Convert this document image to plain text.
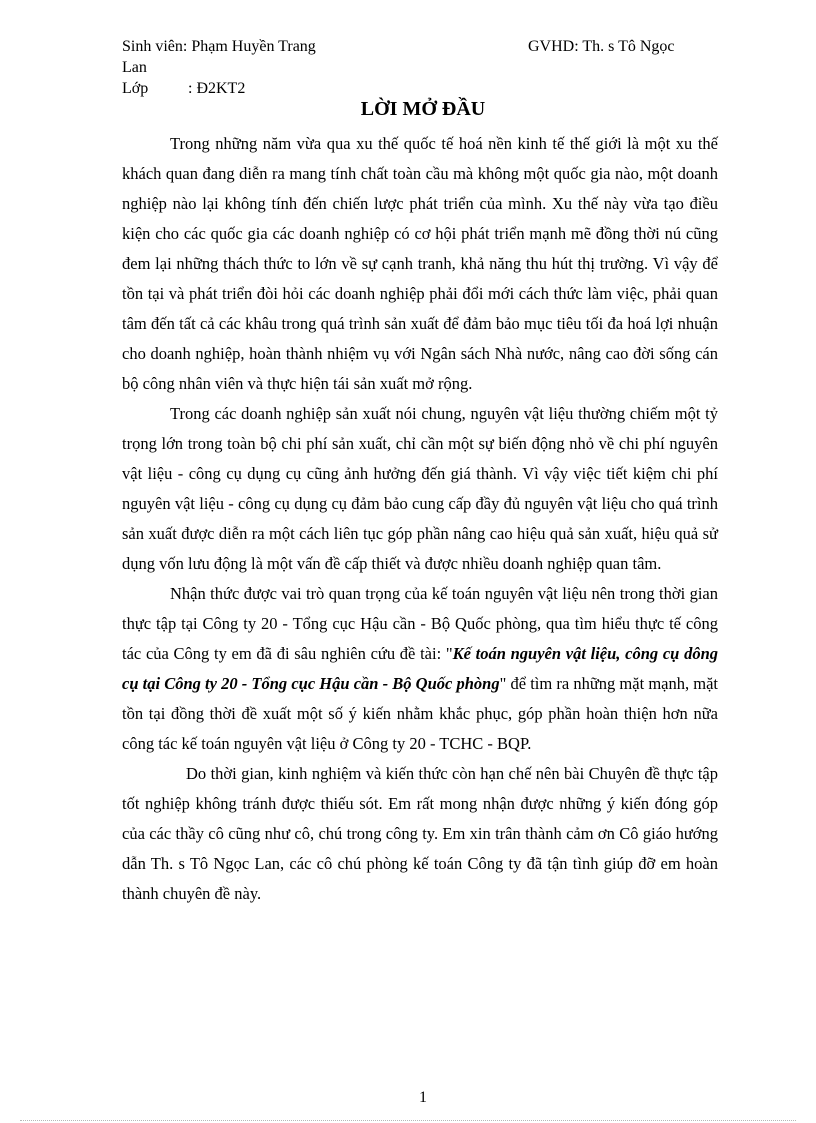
Sinh viên: Phạm Huyền Trang	GVHD: Th. s Tô Ngọc
Lan
Lớp : Đ2KT2
LỜI MỞ ĐẦU

Trong những năm vừa qua xu thế quốc tế hoá nền kinh tế thế giới là một xu thế khách quan đang diễn ra mang tính chất toàn cầu mà không một quốc gia nào, một doanh nghiệp nào lại không tính đến chiến lược phát triển của mình. Xu thế này vừa tạo điều kiện cho các quốc gia các doanh nghiệp có cơ hội phát triển mạnh mẽ đồng thời nú cũng đem lại những thách thức to lớn về sự cạnh tranh, khả năng thu hút thị trường. Vì vậy để tồn tại và phát triển đòi hỏi các doanh nghiệp phải đổi mới cách thức làm việc, phải quan tâm đến tất cả các khâu trong quá trình sản xuất để đảm bảo mục tiêu tối đa hoá lợi nhuận cho doanh nghiệp, hoàn thành nhiệm vụ với Ngân sách Nhà nước, nâng cao đời sống cán bộ công nhân viên và thực hiện tái sản xuất mở rộng.

Trong các doanh nghiệp sản xuất nói chung, nguyên vật liệu thường chiếm một tỷ trọng lớn trong toàn bộ chi phí sản xuất, chỉ cần một sự biến động nhỏ về chi phí nguyên vật liệu - công cụ dụng cụ cũng ảnh hưởng đến giá thành. Vì vậy việc tiết kiệm chi phí nguyên vật liệu - công cụ dụng cụ đảm bảo cung cấp đầy đủ nguyên vật liệu cho quá trình sản xuất được diễn ra một cách liên tục góp phần nâng cao hiệu quả sản xuất, hiệu quả sử dụng vốn lưu động là một vấn đề cấp thiết và được nhiều doanh nghiệp quan tâm.

Nhận thức được vai trò quan trọng của kế toán nguyên vật liệu nên trong thời gian thực tập tại Công ty 20 - Tổng cục Hậu cần - Bộ Quốc phòng, qua tìm hiểu thực tế công tác của Công ty em đã đi sâu nghiên cứu đề tài: "Kế toán nguyên vật liệu, công cụ dông cụ tại Công ty 20 - Tổng cục Hậu cần - Bộ Quốc phòng" để tìm ra những mặt mạnh, mặt tồn tại đồng thời đề xuất một số ý kiến nhằm khắc phục, góp phần hoàn thiện hơn nữa công tác kế toán nguyên vật liệu ở Công ty 20 - TCHC - BQP.

Do thời gian, kinh nghiệm và kiến thức còn hạn chế nên bài Chuyên đề thực tập tốt nghiệp không tránh được thiếu sót. Em rất mong nhận được những ý kiến đóng góp của các thầy cô cũng như cô, chú trong công ty. Em xin trân thành cảm ơn Cô giáo hướng dẫn Th. s Tô Ngọc Lan, các cô chú phòng kế toán Công ty đã tận tình giúp đỡ em hoàn thành chuyên đề này.

1
